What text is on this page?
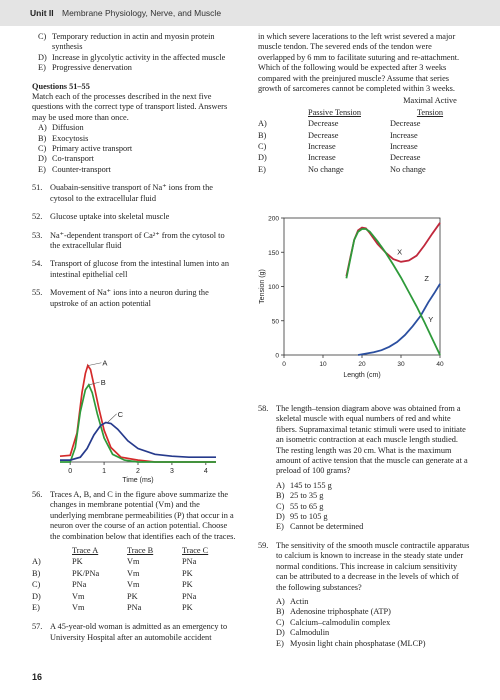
Unit II Membrane Physiology, Nerve, and Muscle
C) Temporary reduction in actin and myosin protein synthesis
D) Increase in glycolytic activity in the affected muscle
E) Progressive denervation
Questions 51–55
Match each of the processes described in the next five questions with the correct type of transport listed. Answers may be used more than once.
A) Diffusion
B) Exocytosis
C) Primary active transport
D) Co-transport
E) Counter-transport
51. Ouabain-sensitive transport of Na⁺ ions from the cytosol to the extracellular fluid
52. Glucose uptake into skeletal muscle
53. Na⁺-dependent transport of Ca²⁺ from the cytosol to the extracellular fluid
54. Transport of glucose from the intestinal lumen into an intestinal epithelial cell
55. Movement of Na⁺ ions into a neuron during the upstroke of an action potential
0	1	2	3	4
Time (ms)
A
B
C
56. Traces A, B, and C in the figure above summarize the changes in membrane potential (Vm) and the underlying membrane permeabilities (P) that occur in a neuron over the course of an action potential. Choose the combination below that identifies each of the traces.
	Trace A	Trace B	Trace C
A)	PK	Vm	PNa
B)	PK/PNa	Vm	PK
C)	PNa	Vm	PK
D)	Vm	PK	PNa
E)	Vm	PNa	PK
57. A 45-year-old woman is admitted as an emergency to University Hospital after an automobile accident
in which severe lacerations to the left wrist severed a major muscle tendon. The severed ends of the tendon were overlapped by 6 mm to facilitate suturing and re-attachment. Which of the following would be expected after 3 weeks compared with the preinjured muscle? Assume that series growth of sarcomeres cannot be completed within 3 weeks.
		Maximal Active
	Passive Tension	Tension
A)	Decrease	Decrease
B)	Decrease	Increase
C)	Increase	Increase
D)	Increase	Decrease
E)	No change	No change
0	10	20	30	40
0
50
100
150
200
Length (cm)
Tension (g)
X
Z
Y
58. The length–tension diagram above was obtained from a skeletal muscle with equal numbers of red and white fibers. Supramaximal tetanic stimuli were used to initiate an isometric contraction at each muscle length studied. The resting length was 20 cm. What is the maximum amount of active tension that the muscle can generate at a preload of 100 grams?
A) 145 to 155 g
B) 25 to 35 g
C) 55 to 65 g
D) 95 to 105 g
E) Cannot be determined
59. The sensitivity of the smooth muscle contractile apparatus to calcium is known to increase in the steady state under normal conditions. This increase in calcium sensitivity can be attributed to a decrease in the levels of which of the following substances?
A) Actin
B) Adenosine triphosphate (ATP)
C) Calcium–calmodulin complex
D) Calmodulin
E) Myosin light chain phosphatase (MLCP)
16
